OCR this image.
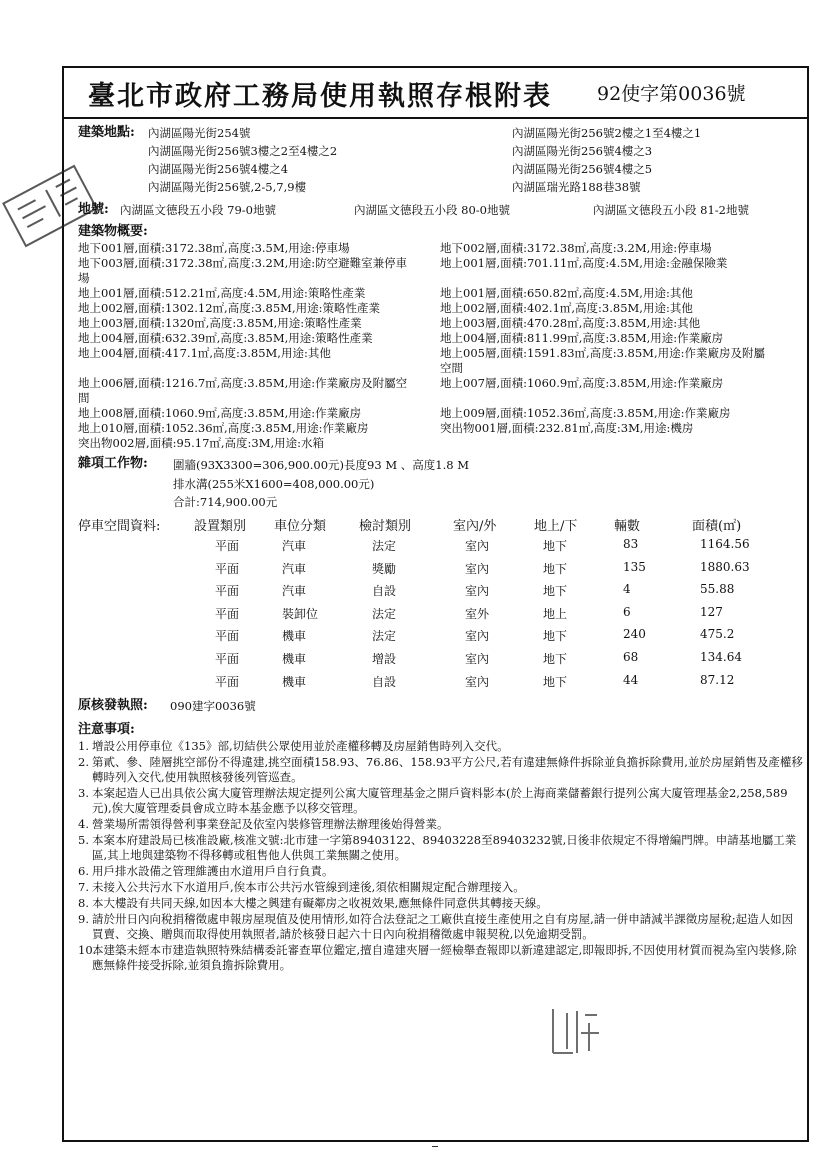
臺北市政府工務局使用執照存根附表 92使字第0036號
建築地點: 內湖區陽光街254號	內湖區陽光街256號2樓之1至4樓之1
內湖區陽光街256號3樓之2至4樓之2	內湖區陽光街256號4樓之3
內湖區陽光街256號4樓之4	內湖區陽光街256號4樓之5
內湖區陽光街256號,2-5,7,9樓	內湖區瑞光路188巷38號
地號: 內湖區文德段五小段 79-0地號	內湖區文德段五小段 80-0地號	內湖區文德段五小段 81-2地號
建築物概要:
地下001層,面積:3172.38㎡,高度:3.5M,用途:停車場	地下002層,面積:3172.38㎡,高度:3.2M,用途:停車場
地下003層,面積:3172.38㎡,高度:3.2M,用途:防空避難室兼停車	地上001層,面積:701.11㎡,高度:4.5M,用途:金融保險業
場
地上001層,面積:512.21㎡,高度:4.5M,用途:策略性產業	地上001層,面積:650.82㎡,高度:4.5M,用途:其他
地上002層,面積:1302.12㎡,高度:3.85M,用途:策略性產業	地上002層,面積:402.1㎡,高度:3.85M,用途:其他
地上003層,面積:1320㎡,高度:3.85M,用途:策略性產業	地上003層,面積:470.28㎡,高度:3.85M,用途:其他
地上004層,面積:632.39㎡,高度:3.85M,用途:策略性產業	地上004層,面積:811.99㎡,高度:3.85M,用途:作業廠房
地上004層,面積:417.1㎡,高度:3.85M,用途:其他	地上005層,面積:1591.83㎡,高度:3.85M,用途:作業廠房及附屬
空間
地上006層,面積:1216.7㎡,高度:3.85M,用途:作業廠房及附屬空	地上007層,面積:1060.9㎡,高度:3.85M,用途:作業廠房
間
地上008層,面積:1060.9㎡,高度:3.85M,用途:作業廠房	地上009層,面積:1052.36㎡,高度:3.85M,用途:作業廠房
地上010層,面積:1052.36㎡,高度:3.85M,用途:作業廠房	突出物001層,面積:232.81㎡,高度:3M,用途:機房
突出物002層,面積:95.17㎡,高度:3M,用途:水箱
雜項工作物: 圍牆(93X3300=306,900.00元)長度93 M 、高度1.8 M
排水溝(255米X1600=408,000.00元)
合計:714,900.00元
停車空間資料:	設置類別 車位分類	檢討類別	室內/外	地上/下	輛數	面積(㎡)
平面	汽車	法定	室內	地下	83	1164.56
平面	汽車	獎勵	室內	地下	135	1880.63
平面	汽車	自設	室內	地下	4	55.88
平面	裝卸位	法定	室外	地上	6	127
平面	機車	法定	室內	地下	240	475.2
平面	機車	增設	室內	地下	68	134.64
平面	機車	自設	室內	地下	44	87.12
原核發執照: 090建字0036號
注意事項:
1. 增設公用停車位《135》部,切結供公眾使用並於產權移轉及房屋銷售時列入交代。
2. 第貳、參、陸層挑空部份不得違建,挑空面積158.93、76.86、158.93平方公尺,若有違建無條件拆除並負擔拆除費用,並於房屋銷售及產權移轉時列入交代,使用執照核發後列管巡查。
3. 本案起造人已出具依公寓大廈管理辦法規定提列公寓大廈管理基金之開戶資料影本(於上海商業儲蓄銀行提列公寓大廈管理基金2,258,589元),俟大廈管理委員會成立時本基金應予以移交管理。
4. 營業場所需領得營利事業登記及依室內裝修管理辦法辦理後始得營業。
5. 本案本府建設局已核准設廠,核准文號:北市建一字第89403122、89403228至89403232號,日後非依規定不得增編門牌。申請基地屬工業區,其上地與建築物不得移轉或租售他人供與工業無關之使用。
6. 用戶排水設備之管理維護由水道用戶自行負責。
7. 未接入公共污水下水道用戶,俟本市公共污水管線到達後,須依相關規定配合辦理接入。
8. 本大樓設有共同天線,如因本大樓之興建有礙鄰房之收視效果,應無條件同意供其轉接天線。
9. 請於卅日內向稅捐稽徵處申報房屋現值及使用情形,如符合法登記之工廠供直接生產使用之自有房屋,請一併申請減半課徵房屋稅;起造人如因買賣、交換、贈與而取得使用執照者,請於核發日起六十日內向稅捐稽徵處申報契稅,以免逾期受罰。
10.
本建築未經本市建造執照特殊結構委託審查單位鑑定,擅自違建夾層一經檢舉查報即以新違建認定,即報即拆,不因使用材質而視為室內裝修,除應無條件接受拆除,並須負擔拆除費用。
